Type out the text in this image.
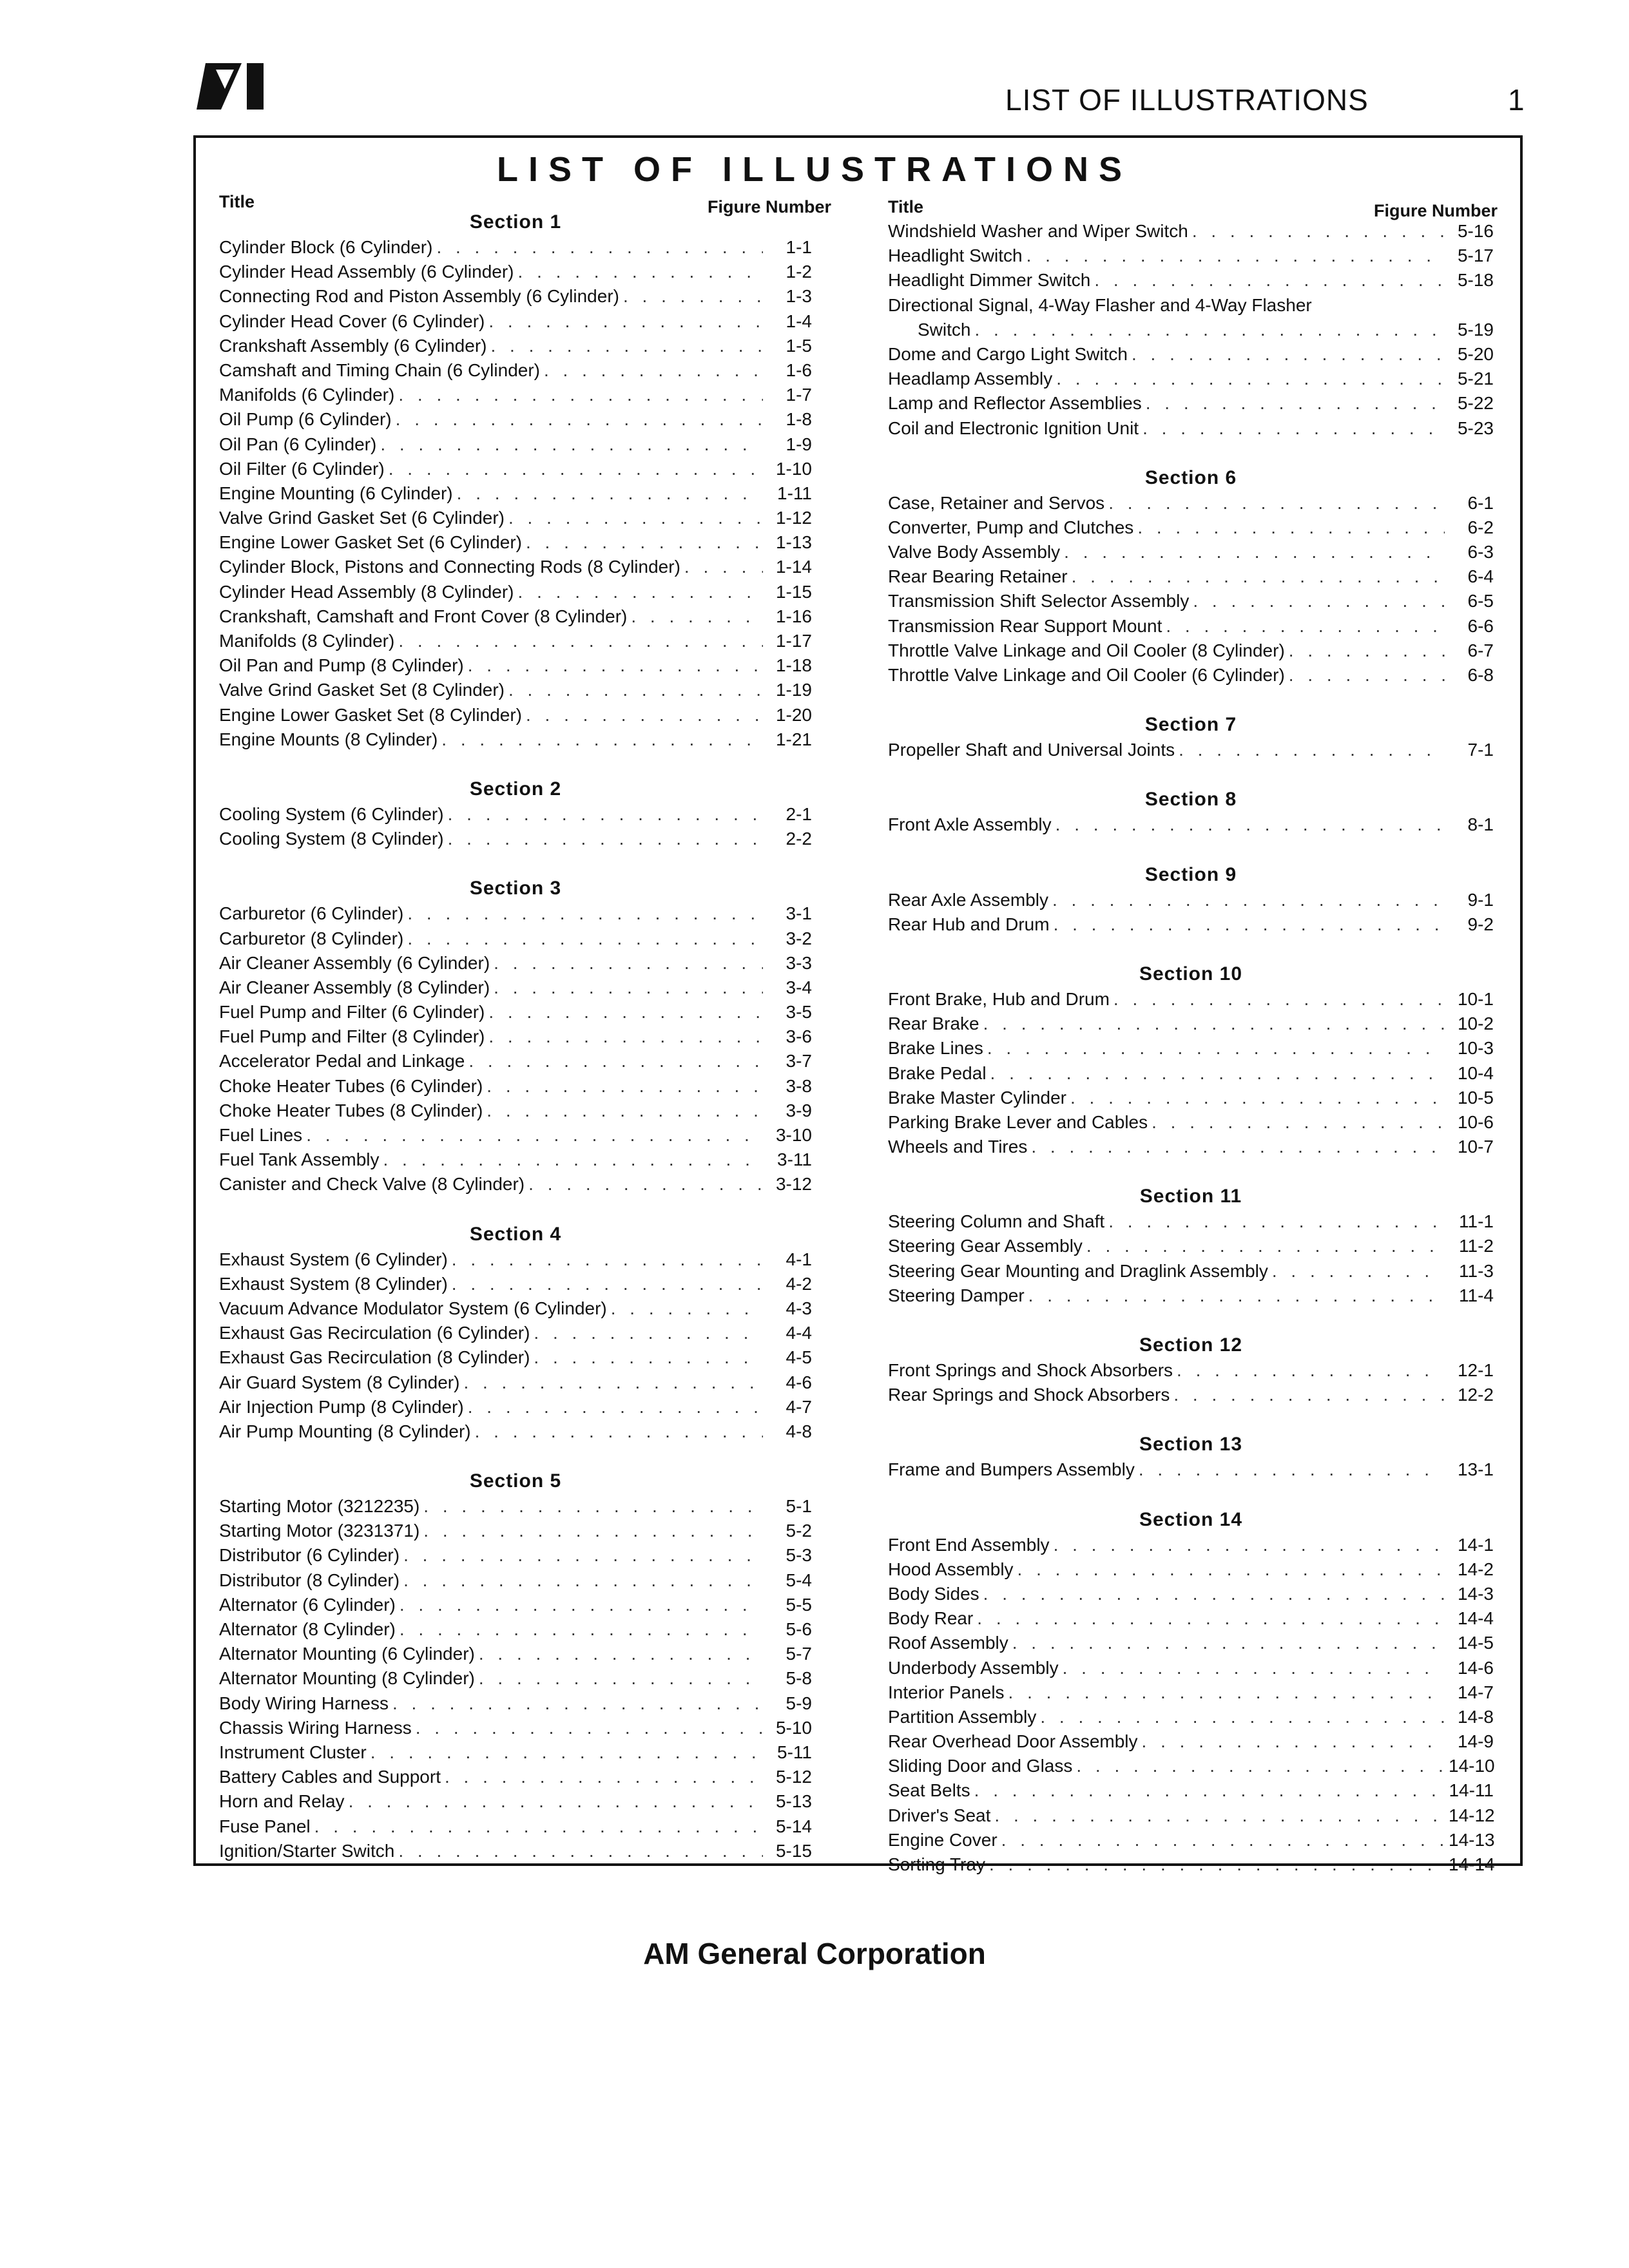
LIST OF ILLUSTRATIONS	1
LIST OF ILLUSTRATIONS
Title	Figure Number	Title	Figure Number
Section 1
Cylinder Block (6 Cylinder) . . .	1-1
Cylinder Head Assembly (6 Cylinder) . . .	1-2
Connecting Rod and Piston Assembly (6 Cylinder) . . .	1-3
Cylinder Head Cover (6 Cylinder) . . .	1-4
Crankshaft Assembly (6 Cylinder) . . .	1-5
Camshaft and Timing Chain (6 Cylinder) . . .	1-6
Manifolds (6 Cylinder) . . .	1-7
Oil Pump (6 Cylinder) . . .	1-8
Oil Pan (6 Cylinder) . . .	1-9
Oil Filter (6 Cylinder) . . .	1-10
Engine Mounting (6 Cylinder) . . .	1-11
Valve Grind Gasket Set (6 Cylinder) . . .	1-12
Engine Lower Gasket Set (6 Cylinder) . . .	1-13
Cylinder Block, Pistons and Connecting Rods (8 Cylinder) . . .	1-14
Cylinder Head Assembly (8 Cylinder) . . .	1-15
Crankshaft, Camshaft and Front Cover (8 Cylinder) . . .	1-16
Manifolds (8 Cylinder) . . .	1-17
Oil Pan and Pump (8 Cylinder) . . .	1-18
Valve Grind Gasket Set (8 Cylinder) . . .	1-19
Engine Lower Gasket Set (8 Cylinder) . . .	1-20
Engine Mounts (8 Cylinder) . . .	1-21
Section 2
Cooling System (6 Cylinder) . . .	2-1
Cooling System (8 Cylinder) . . .	2-2
Section 3
Carburetor (6 Cylinder) . . .	3-1
Carburetor (8 Cylinder) . . .	3-2
Air Cleaner Assembly (6 Cylinder) . . .	3-3
Air Cleaner Assembly (8 Cylinder) . . .	3-4
Fuel Pump and Filter (6 Cylinder) . . .	3-5
Fuel Pump and Filter (8 Cylinder) . . .	3-6
Accelerator Pedal and Linkage . . .	3-7
Choke Heater Tubes (6 Cylinder) . . .	3-8
Choke Heater Tubes (8 Cylinder) . . .	3-9
Fuel Lines . . .	3-10
Fuel Tank Assembly . . .	3-11
Canister and Check Valve (8 Cylinder) . . .	3-12
Section 4
Exhaust System (6 Cylinder) . . .	4-1
Exhaust System (8 Cylinder) . . .	4-2
Vacuum Advance Modulator System (6 Cylinder) . . .	4-3
Exhaust Gas Recirculation (6 Cylinder) . . .	4-4
Exhaust Gas Recirculation (8 Cylinder) . . .	4-5
Air Guard System (8 Cylinder) . . .	4-6
Air Injection Pump (8 Cylinder) . . .	4-7
Air Pump Mounting (8 Cylinder) . . .	4-8
Section 5
Starting Motor (3212235) . . .	5-1
Starting Motor (3231371) . . .	5-2
Distributor (6 Cylinder) . . .	5-3
Distributor (8 Cylinder) . . .	5-4
Alternator (6 Cylinder) . . .	5-5
Alternator (8 Cylinder) . . .	5-6
Alternator Mounting (6 Cylinder) . . .	5-7
Alternator Mounting (8 Cylinder) . . .	5-8
Body Wiring Harness . . .	5-9
Chassis Wiring Harness . . .	5-10
Instrument Cluster . . .	5-11
Battery Cables and Support . . .	5-12
Horn and Relay . . .	5-13
Fuse Panel . . .	5-14
Ignition/Starter Switch . . .	5-15
Windshield Washer and Wiper Switch . . .	5-16
Headlight Switch . . .	5-17
Headlight Dimmer Switch . . .	5-18
Directional Signal, 4-Way Flasher and 4-Way Flasher
Switch . . .	5-19
Dome and Cargo Light Switch . . .	5-20
Headlamp Assembly . . .	5-21
Lamp and Reflector Assemblies . . .	5-22
Coil and Electronic Ignition Unit . . .	5-23
Section 6
Case, Retainer and Servos . . .	6-1
Converter, Pump and Clutches . . .	6-2
Valve Body Assembly . . .	6-3
Rear Bearing Retainer . . .	6-4
Transmission Shift Selector Assembly . . .	6-5
Transmission Rear Support Mount . . .	6-6
Throttle Valve Linkage and Oil Cooler (8 Cylinder) . . .	6-7
Throttle Valve Linkage and Oil Cooler (6 Cylinder) . . .	6-8
Section 7
Propeller Shaft and Universal Joints . . .	7-1
Section 8
Front Axle Assembly . . .	8-1
Section 9
Rear Axle Assembly . . .	9-1
Rear Hub and Drum . . .	9-2
Section 10
Front Brake, Hub and Drum . . .	10-1
Rear Brake . . .	10-2
Brake Lines . . .	10-3
Brake Pedal . . .	10-4
Brake Master Cylinder . . .	10-5
Parking Brake Lever and Cables . . .	10-6
Wheels and Tires . . .	10-7
Section 11
Steering Column and Shaft . . .	11-1
Steering Gear Assembly . . .	11-2
Steering Gear Mounting and Draglink Assembly . . .	11-3
Steering Damper . . .	11-4
Section 12
Front Springs and Shock Absorbers . . .	12-1
Rear Springs and Shock Absorbers . . .	12-2
Section 13
Frame and Bumpers Assembly . . .	13-1
Section 14
Front End Assembly . . .	14-1
Hood Assembly . . .	14-2
Body Sides . . .	14-3
Body Rear . . .	14-4
Roof Assembly . . .	14-5
Underbody Assembly . . .	14-6
Interior Panels . . .	14-7
Partition Assembly . . .	14-8
Rear Overhead Door Assembly . . .	14-9
Sliding Door and Glass . . .	14-10
Seat Belts . . .	14-11
Driver's Seat . . .	14-12
Engine Cover . . .	14-13
Sorting Tray . . .	14-14
AM General Corporation
